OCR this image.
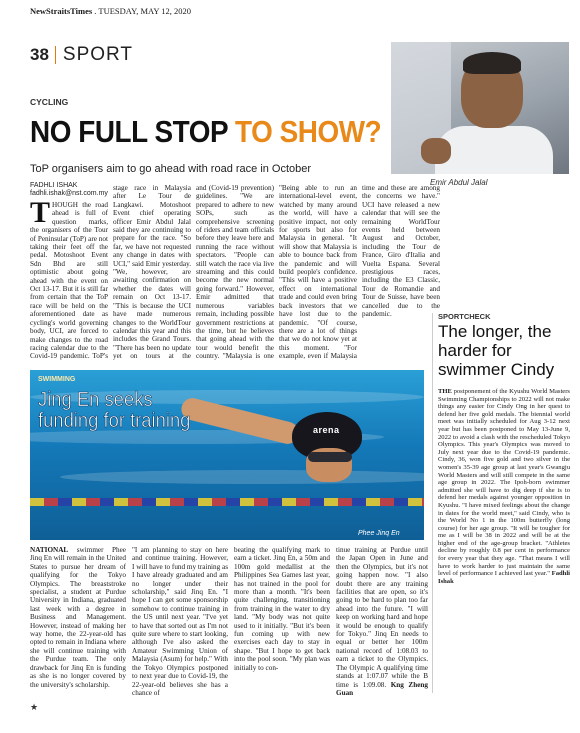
NewStraitsTimes . TUESDAY, MAY 12, 2020
38 SPORT
Emir Abdul Jalal
CYCLING
NO FULL STOP TO SHOW?
ToP organisers aim to go ahead with road race in October
FADHLI ISHAK
fadhli.ishak@nst.com.my
THOUGH the road ahead is full of question marks, the organisers of the Tour of Peninsular (ToP) are not taking their feet off the pedal. Motoshoot Event Sdn Bhd are still optimistic about going ahead with the event on Oct 13-17. But it is still far from certain that the ToP race will be held on the aforementioned date as cycling's world governing body, UCI, are forced to make changes to the road racing calendar due to the Covid-19 pandemic. ToP's
stage race in Malaysia after Le Tour de Langkawi. Motoshoot Event chief operating officer Emir Abdul Jalal said they are continuing to prepare for the race. "So far, we have not requested any change in dates with UCI," said Emir yesterday. "We, however, are awaiting confirmation on whether the dates will remain on Oct 13-17. "This is because the UCI have made numerous changes to the WorldTour calendar this year and this includes the Grand Tours. "There has been no update yet on tours at the
and (Covid-19 prevention) guidelines. "We are prepared to adhere to new SOPs, such as comprehensive screening of riders and team officials before they leave here and running the race without spectators. "People can still watch the race via live streaming and this could become the new normal going forward." However, Emir admitted that numerous variables remain, including possible government restrictions at the time, but he believes that going ahead with the tour would benefit the country. "Malaysia is one
"Being able to run an international-level event, watched by many around the world, will have a positive impact, not only for sports but also for Malaysia in general. "It will show that Malaysia is able to bounce back from the pandemic and will build people's confidence. "This will have a positive effect on international trade and could even bring back investors that we have lost due to the pandemic. "Of course, there are a lot of things that we do not know yet at this moment. "For example, even if Malaysia
time and these are among the concerns we have." UCI have released a new calendar that will see the remaining WorldTour events held between August and October, including the Tour de France, Giro d'Italia and Vuelta Espana. Several prestigious races, including the E3 Classic, Tour de Romandie and Tour de Suisse, have been cancelled due to the pandemic.
arena
SWIMMING
Jing En seeks funding for training
Phee Jinq En
NATIONAL swimmer Phee Jinq En will remain in the United States to pursue her dream of qualifying for the Tokyo Olympics. The breaststroke specialist, a student at Purdue University in Indiana, graduated last week with a degree in Business and Management. However, instead of making her way home, the 22-year-old has opted to remain in Indiana where she will continue training with the Purdue team. The only drawback for Jinq En is funding as she is no longer covered by the university's scholarship.
"I am planning to stay on here and continue training. However, I will have to fund my training as I have already graduated and am no longer under their scholarship," said Jinq En. "I hope I can get some sponsorship somehow to continue training in the US until next year. "I've yet to have that sorted out as I'm not quite sure where to start looking, although I've also asked the Amateur Swimming Union of Malaysia (Asum) for help." With the Tokyo Olympics postponed to next year due to Covid-19, the 22-year-old believes she has a chance of
beating the qualifying mark to earn a ticket. Jinq En, a 50m and 100m gold medallist at the Philippines Sea Games last year, has not trained in the pool for more than a month. "It's been quite challenging, transitioning from training in the water to dry land. "My body was not quite used to it initially. "But it's been fun coming up with new exercises each day to stay in shape. "But I hope to get back into the pool soon. "My plan was initially to con-
tinue training at Purdue until the Japan Open in June and then the Olympics, but it's not going happen now. "I also doubt there are any training facilities that are open, so it's going to be hard to plan too far ahead into the future. "I will keep on working hard and hope it would be enough to qualify for Tokyo." Jinq En needs to equal or better her 100m national record of 1:08.03 to earn a ticket to the Olympics. The Olympic A qualifying time stands at 1:07.07 while the B time is 1:09.08. Kng Zheng Guan
SPORTCHECK
The longer, the harder for swimmer Cindy
THE postponement of the Kyushu World Masters Swimming Championships to 2022 will not make things any easier for Cindy Ong in her quest to defend her five gold medals. The biennial world meet was initially scheduled for Aug 3-12 next year but has been postponed to May 13-June 9, 2022 to avoid a clash with the rescheduled Tokyo Olympics. This year's Olympics was moved to July next year due to the Covid-19 pandemic. Cindy, 36, won five gold and two silver in the women's 35-39 age group at last year's Gwangju World Masters and will still compete in the same age group in 2022. The Ipoh-born swimmer admitted she will have to dig deep if she is to defend her medals against younger opposition in Kyushu. "I have mixed feelings about the change in dates for the world meet," said Cindy, who is the World No 1 in the 100m butterfly (long course) for her age group. "It will be tougher for me as I will be 38 in 2022 and will be at the higher end of the age-group bracket. "Athletes decline by roughly 0.8 per cent in performance for every year that they age. "That means I will have to work harder to just maintain the same level of performance I achieved last year." Fadhli Ishak
★
